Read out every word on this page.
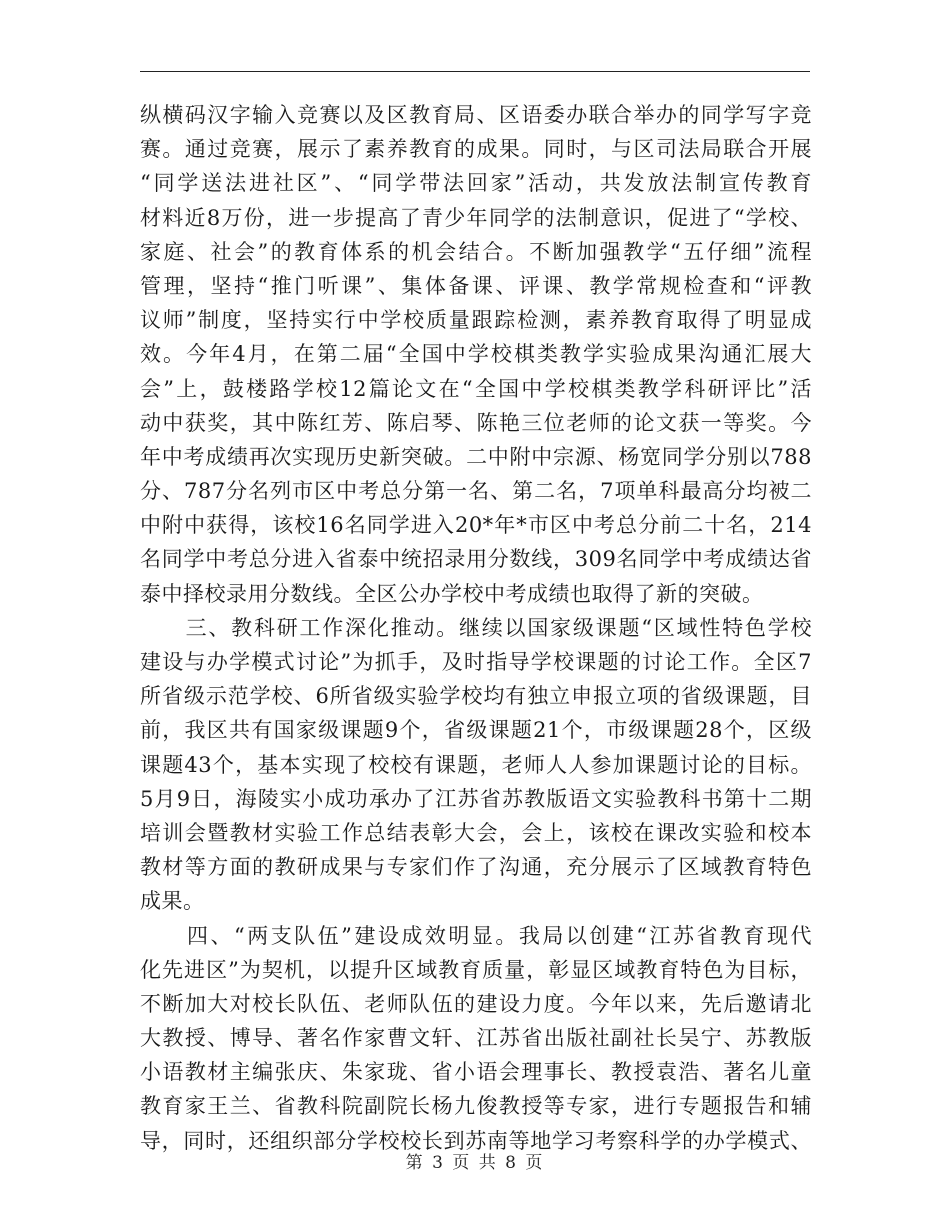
纵横码汉字输入竞赛以及区教育局、区语委办联合举办的同学写字竞
赛。通过竞赛，展示了素养教育的成果。同时，与区司法局联合开展
“同学送法进社区”、“同学带法回家”活动，共发放法制宣传教育
材料近8万份，进一步提高了青少年同学的法制意识，促进了“学校、
家庭、社会”的教育体系的机会结合。不断加强教学“五仔细”流程
管理，坚持“推门听课”、集体备课、评课、教学常规检查和“评教
议师”制度，坚持实行中学校质量跟踪检测，素养教育取得了明显成
效。今年4月，在第二届“全国中学校棋类教学实验成果沟通汇展大
会”上，鼓楼路学校12篇论文在“全国中学校棋类教学科研评比”活
动中获奖，其中陈红芳、陈启琴、陈艳三位老师的论文获一等奖。今
年中考成绩再次实现历史新突破。二中附中宗源、杨宽同学分别以788
分、787分名列市区中考总分第一名、第二名，7项单科最高分均被二
中附中获得，该校16名同学进入20*年*市区中考总分前二十名，214
名同学中考总分进入省泰中统招录用分数线，309名同学中考成绩达省
泰中择校录用分数线。全区公办学校中考成绩也取得了新的突破。
　　三、教科研工作深化推动。继续以国家级课题“区域性特色学校
建设与办学模式讨论”为抓手，及时指导学校课题的讨论工作。全区7
所省级示范学校、6所省级实验学校均有独立申报立项的省级课题，目
前，我区共有国家级课题9个，省级课题21个，市级课题28个，区级
课题43个，基本实现了校校有课题，老师人人参加课题讨论的目标。
5月9日，海陵实小成功承办了江苏省苏教版语文实验教科书第十二期
培训会暨教材实验工作总结表彰大会，会上，该校在课改实验和校本
教材等方面的教研成果与专家们作了沟通，充分展示了区域教育特色
成果。
　　四、“两支队伍”建设成效明显。我局以创建“江苏省教育现代
化先进区”为契机，以提升区域教育质量，彰显区域教育特色为目标，
不断加大对校长队伍、老师队伍的建设力度。今年以来，先后邀请北
大教授、博导、著名作家曹文轩、江苏省出版社副社长吴宁、苏教版
小语教材主编张庆、朱家珑、省小语会理事长、教授袁浩、著名儿童
教育家王兰、省教科院副院长杨九俊教授等专家，进行专题报告和辅
导，同时，还组织部分学校校长到苏南等地学习考察科学的办学模式、
第 3 页 共 8 页
